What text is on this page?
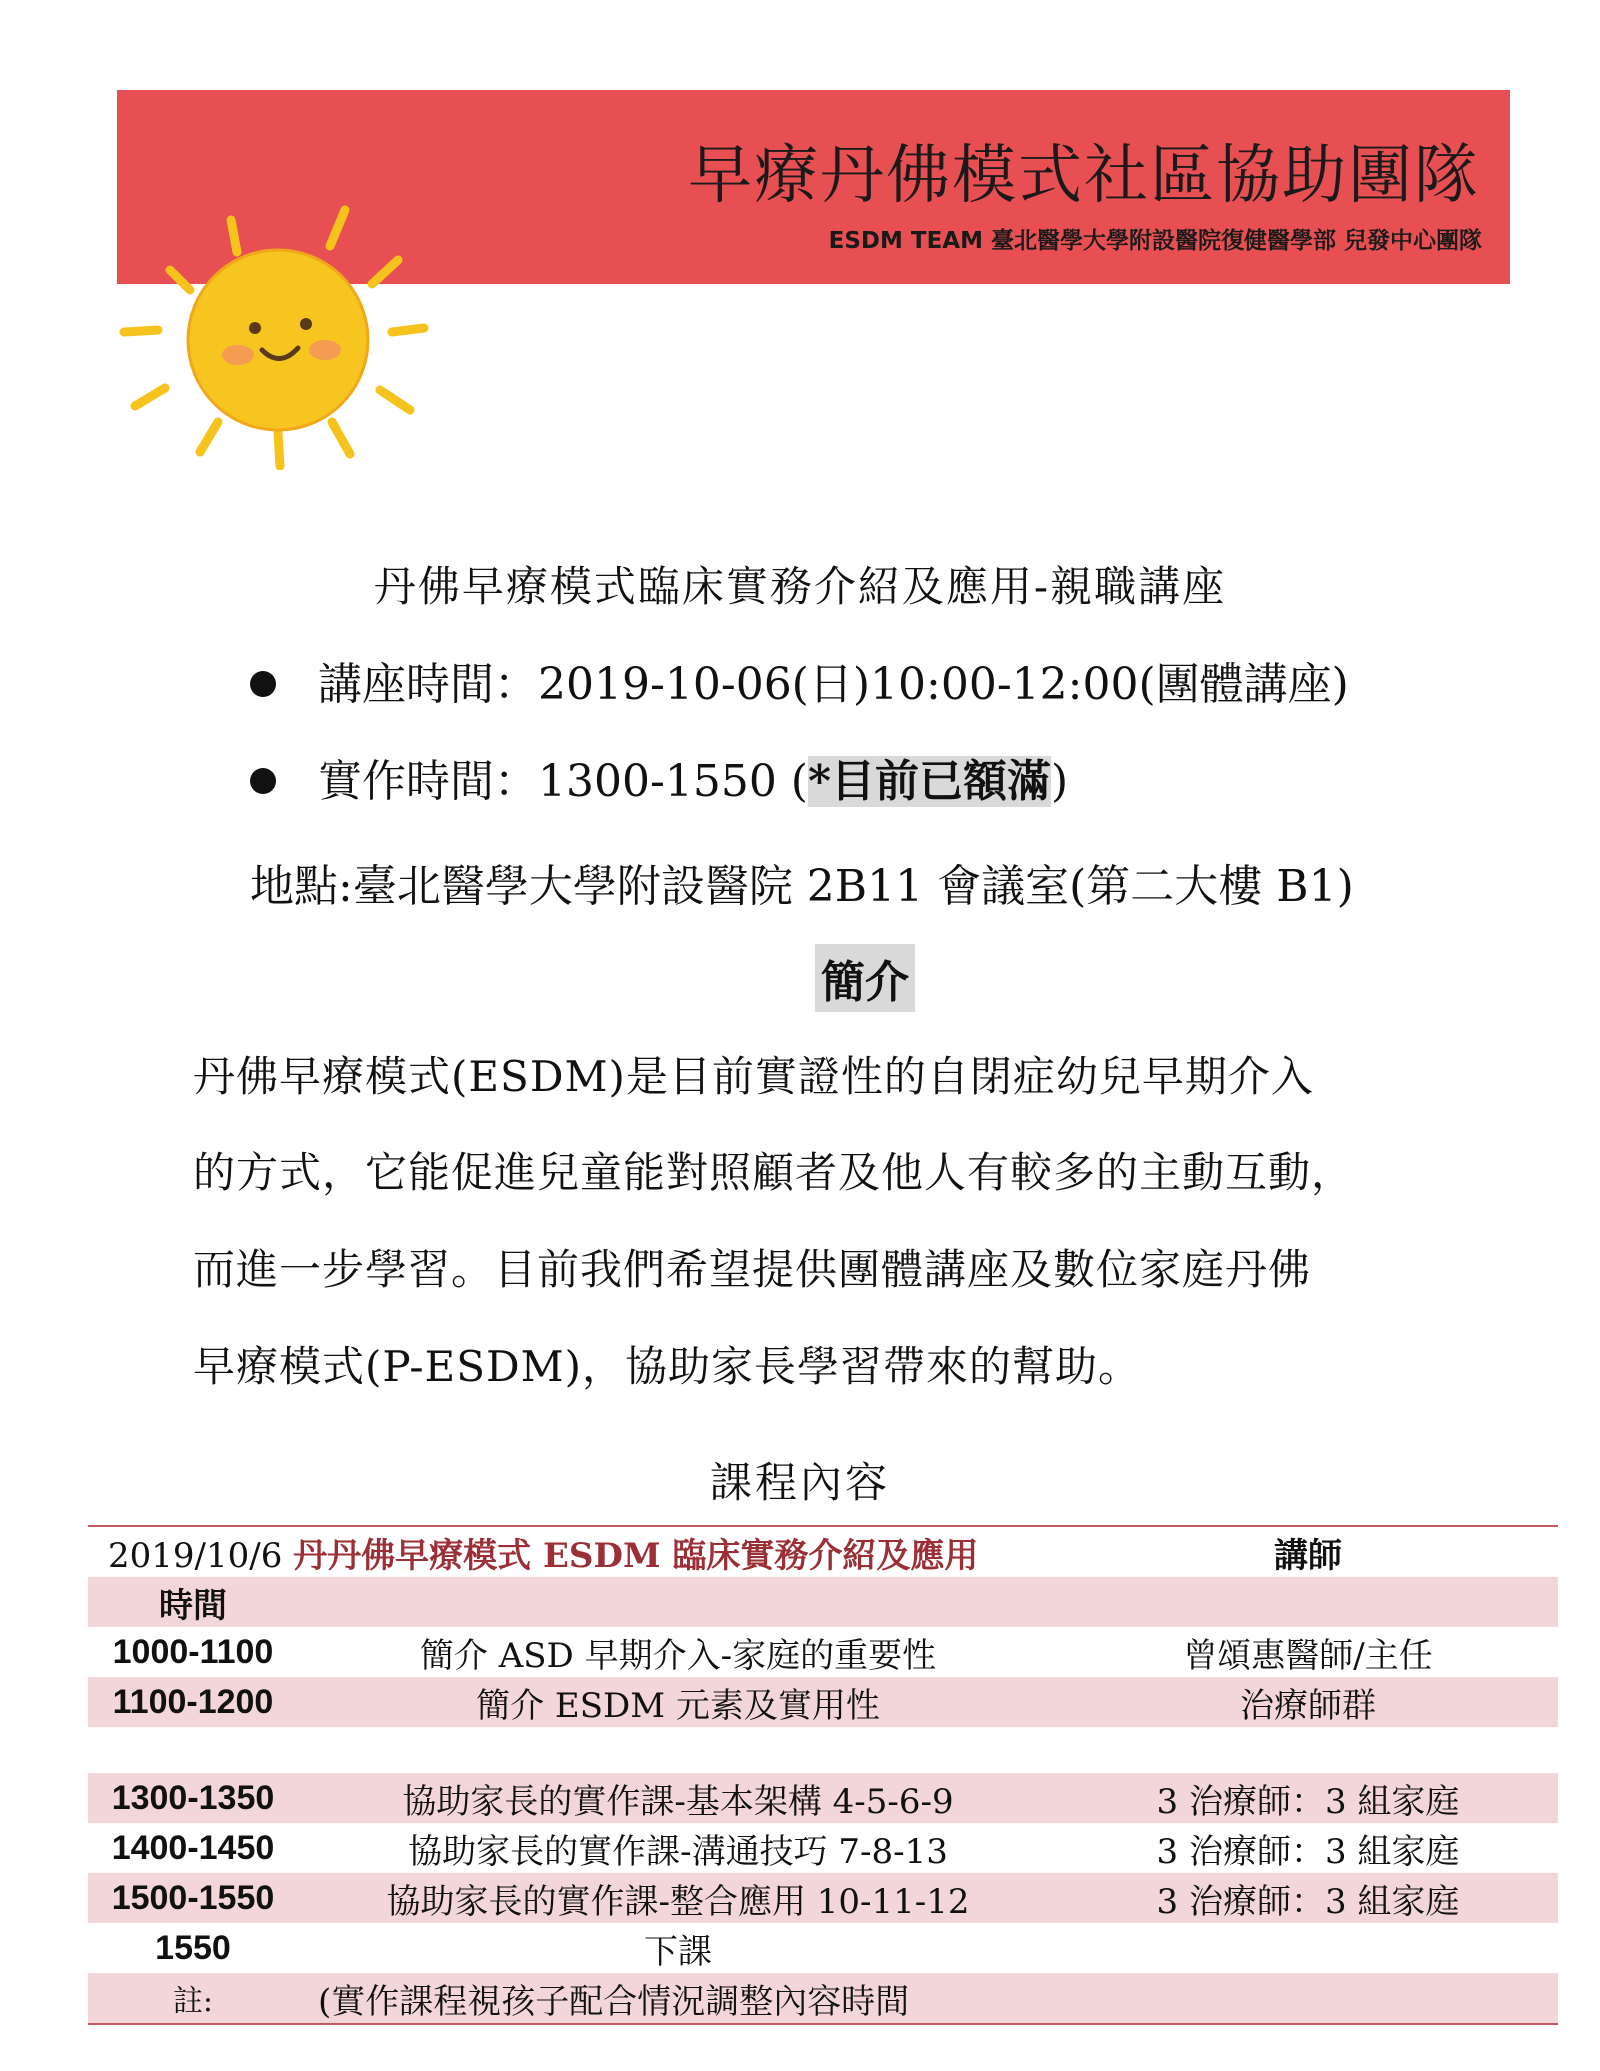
早療丹佛模式社區協助團隊
ESDM TEAM 臺北醫學大學附設醫院復健醫學部 兒發中心團隊
丹佛早療模式臨床實務介紹及應用-親職講座
講座時間：2019-10-06(日)10:00-12:00(團體講座)
實作時間：1300-1550 (*目前已額滿)
地點:臺北醫學大學附設醫院 2B11 會議室(第二大樓 B1)
簡介
丹佛早療模式(ESDM)是目前實證性的自閉症幼兒早期介入
的方式，它能促進兒童能對照顧者及他人有較多的主動互動，
而進一步學習。目前我們希望提供團體講座及數位家庭丹佛
早療模式(P-ESDM)，協助家長學習帶來的幫助。
課程內容
2019/10/6 丹丹佛早療模式 ESDM 臨床實務介紹及應用		講師
時間		
1000-1100	簡介 ASD 早期介入-家庭的重要性	曾頌惠醫師/主任
1100-1200	簡介 ESDM 元素及實用性	治療師群

1300-1350	協助家長的實作課-基本架構 4-5-6-9	3 治療師：3 組家庭
1400-1450	協助家長的實作課-溝通技巧 7-8-13	3 治療師：3 組家庭
1500-1550	協助家長的實作課-整合應用 10-11-12	3 治療師：3 組家庭
1550	下課	
註:	(實作課程視孩子配合情況調整內容時間	
